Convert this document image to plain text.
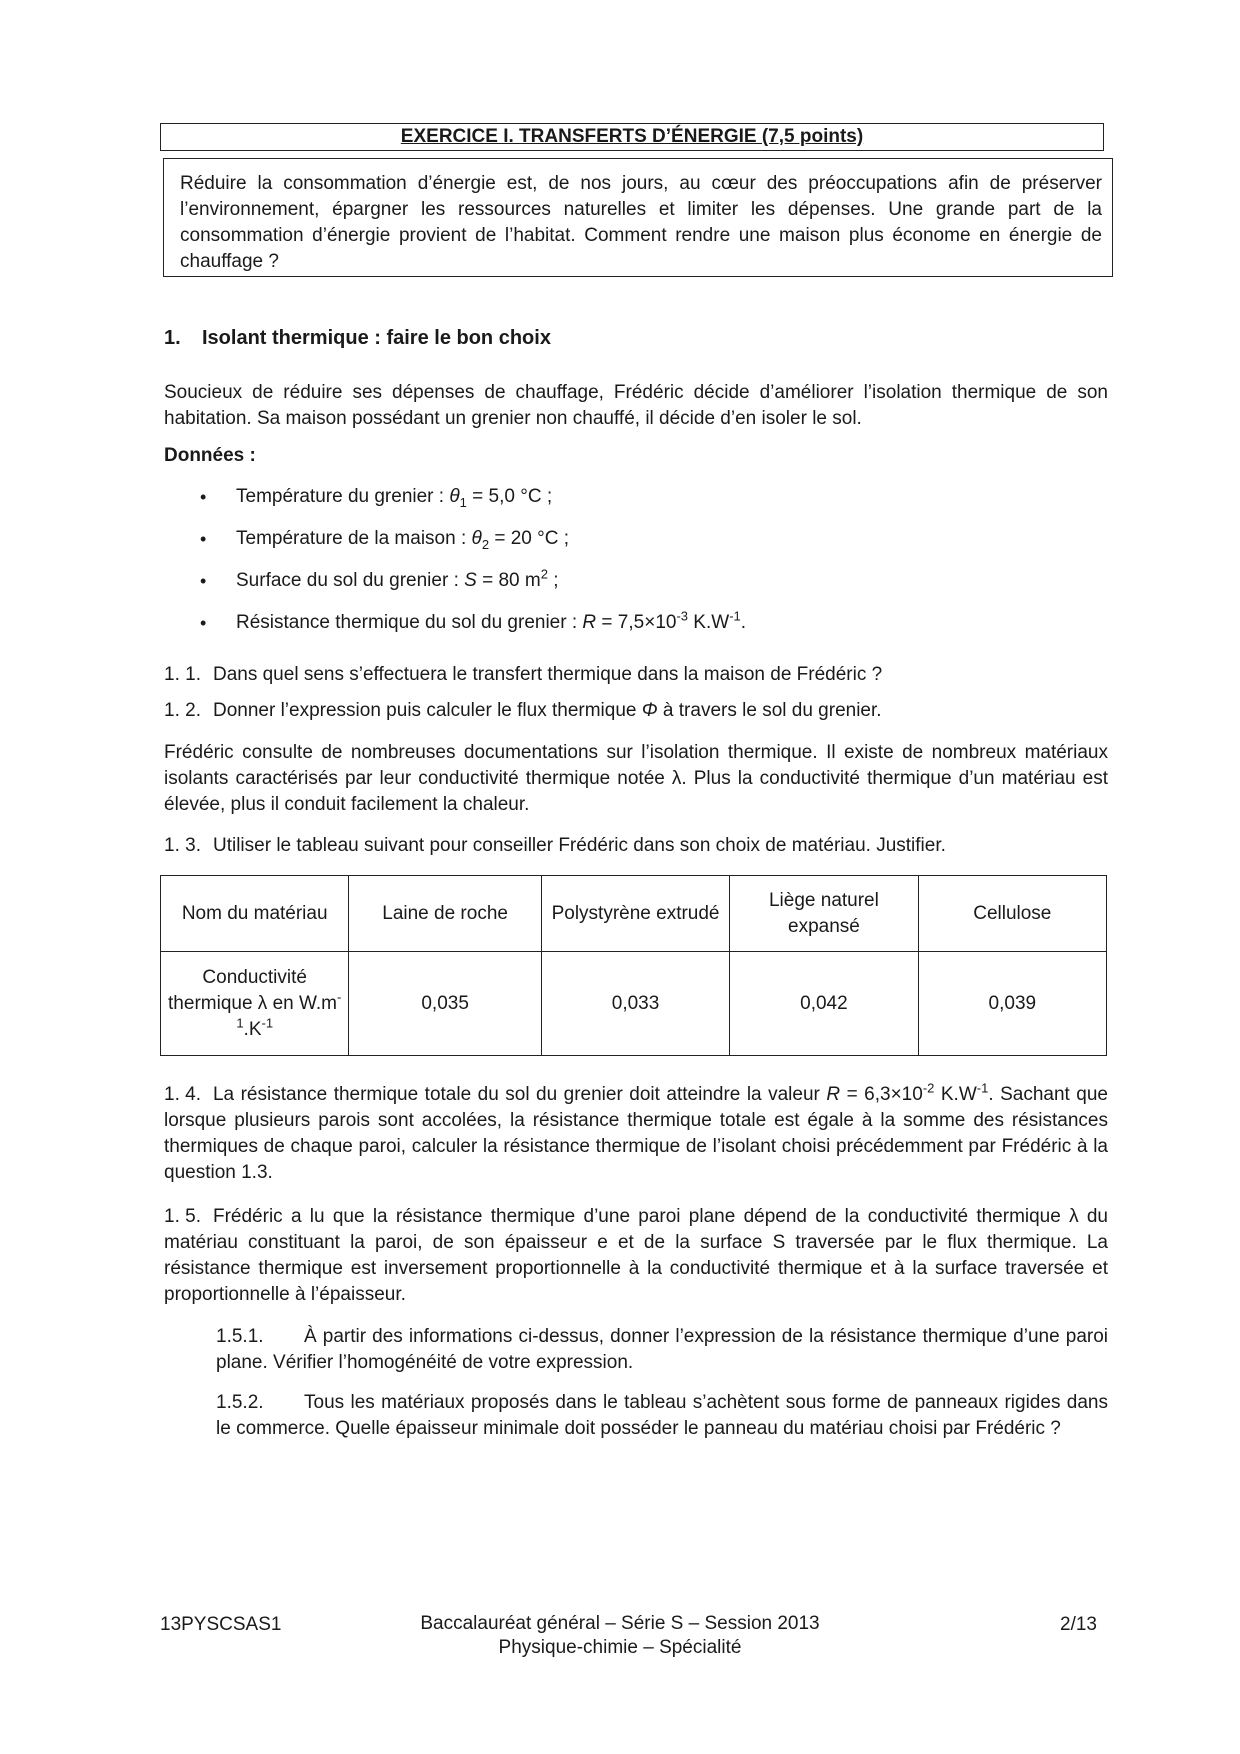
EXERCICE I. TRANSFERTS D’ÉNERGIE (7,5 points)
Réduire la consommation d’énergie est, de nos jours, au cœur des préoccupations afin de préserver l’environnement, épargner les ressources naturelles et limiter les dépenses. Une grande part de la consommation d’énergie provient de l’habitat. Comment rendre une maison plus économe en énergie de chauffage ?
1. Isolant thermique : faire le bon choix
Soucieux de réduire ses dépenses de chauffage, Frédéric décide d’améliorer l’isolation thermique de son habitation. Sa maison possédant un grenier non chauffé, il décide d’en isoler le sol.
Données :
• Température du grenier : $\theta_1 = 5,0$ °C ;
• Température de la maison : $\theta_2 = 20$ °C ;
• Surface du sol du grenier : S = 80 $m^2$ ;
• Résistance thermique du sol du grenier : $R = 7,5\times 10^{-3}$ $K.W^{-1}$.
1. 1. Dans quel sens s’effectuera le transfert thermique dans la maison de Frédéric ?
1. 2. Donner l’expression puis calculer le flux thermique Φ à travers le sol du grenier.
Frédéric consulte de nombreuses documentations sur l’isolation thermique. Il existe de nombreux matériaux isolants caractérisés par leur conductivité thermique notée λ. Plus la conductivité thermique d’un matériau est élevée, plus il conduit facilement la chaleur.
1. 3. Utiliser le tableau suivant pour conseiller Frédéric dans son choix de matériau. Justifier.
Nom du matériau	Laine de roche	Polystyrène extrudé	Liège naturel expansé	Cellulose
Conductivité thermique λ en $W.m^{-1}.K^{-1}$	0,035	0,033	0,042	0,039
1. 4. La résistance thermique totale du sol du grenier doit atteindre la valeur $R = 6,3\times 10^{-2}$ $K.W^{-1}$. Sachant que lorsque plusieurs parois sont accolées, la résistance thermique totale est égale à la somme des résistances thermiques de chaque paroi, calculer la résistance thermique de l’isolant choisi précédemment par Frédéric à la question 1.3.
1. 5. Frédéric a lu que la résistance thermique d’une paroi plane dépend de la conductivité thermique λ du matériau constituant la paroi, de son épaisseur e et de la surface S traversée par le flux thermique. La résistance thermique est inversement proportionnelle à la conductivité thermique et à la surface traversée et proportionnelle à l’épaisseur.
1.5.1. À partir des informations ci-dessus, donner l’expression de la résistance thermique d’une paroi plane. Vérifier l’homogénéité de votre expression.
1.5.2. Tous les matériaux proposés dans le tableau s’achètent sous forme de panneaux rigides dans le commerce. Quelle épaisseur minimale doit posséder le panneau du matériau choisi par Frédéric ?
13PYSCSAS1	Baccalauréat général – Série S – Session 2013
Physique-chimie – Spécialité
2/13
